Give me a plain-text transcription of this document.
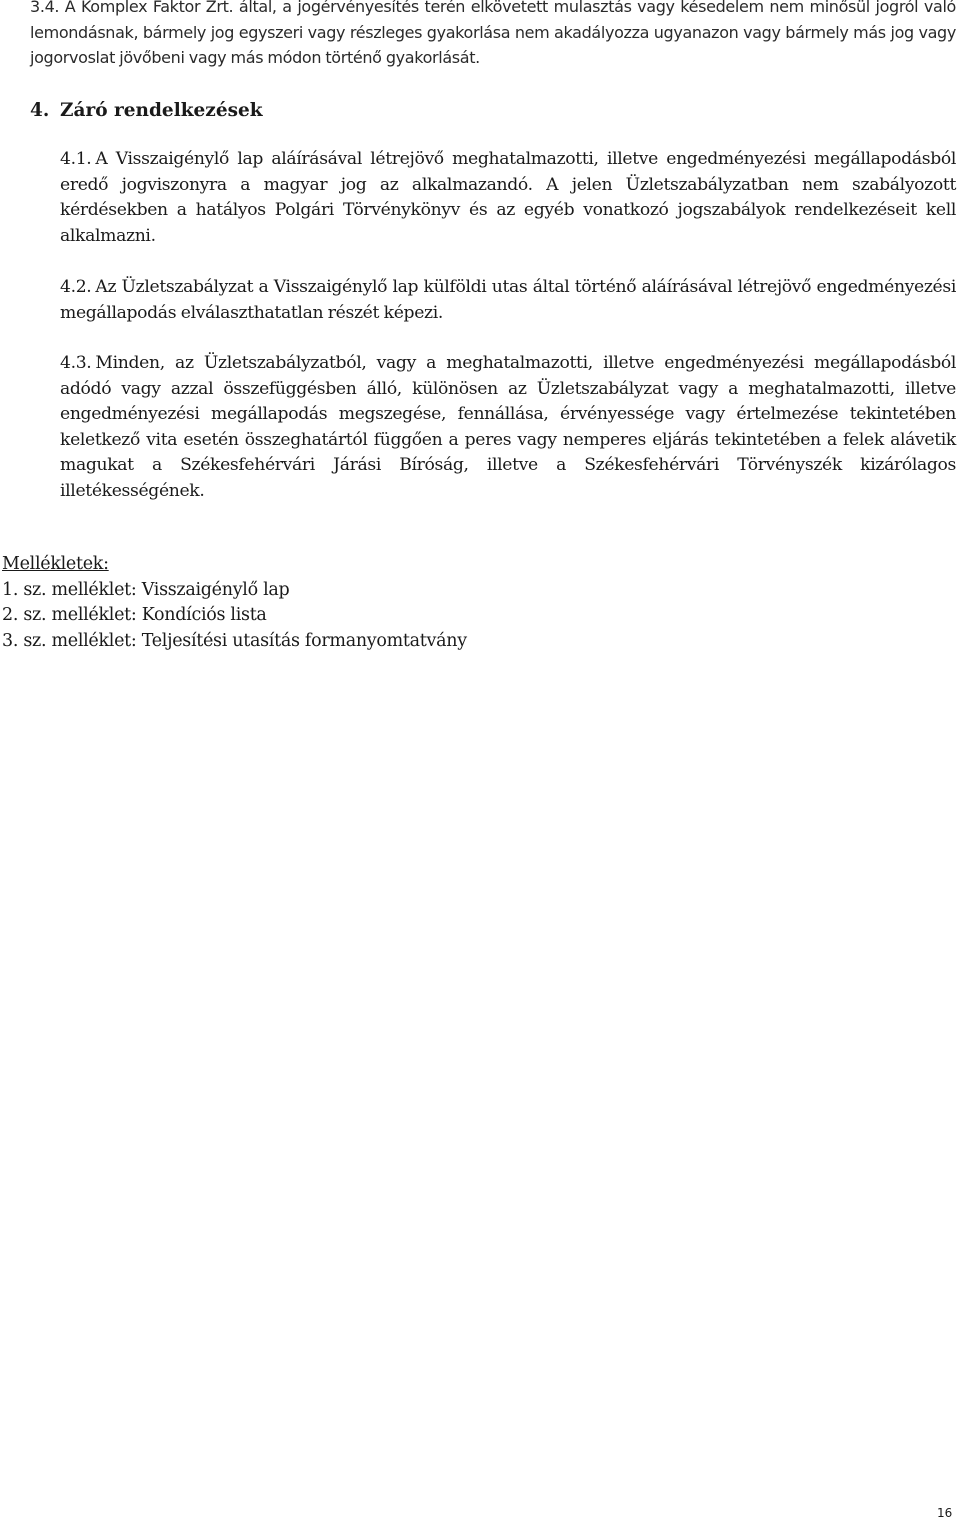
3.4. A Komplex Faktor Zrt. által, a jogérvényesítés terén elkövetett mulasztás vagy késedelem nem minősül jogról való lemondásnak, bármely jog egyszeri vagy részleges gyakorlása nem akadályozza ugyanazon vagy bármely más jog vagy jogorvoslat jövőbeni vagy más módon történő gyakorlását.

4. Záró rendelkezések

4.1. A Visszaigénylő lap aláírásával létrejövő meghatalmazotti, illetve engedményezési megállapodásból eredő jogviszonyra a magyar jog az alkalmazandó. A jelen Üzletszabályzatban nem szabályozott kérdésekben a hatályos Polgári Törvénykönyv és az egyéb vonatkozó jogszabályok rendelkezéseit kell alkalmazni.

4.2. Az Üzletszabályzat a Visszaigénylő lap külföldi utas által történő aláírásával létrejövő engedményezési megállapodás elválaszthatatlan részét képezi.

4.3. Minden, az Üzletszabályzatból, vagy a meghatalmazotti, illetve engedményezési megállapodásból adódó vagy azzal összefüggésben álló, különösen az Üzletszabályzat vagy a meghatalmazotti, illetve engedményezési megállapodás megszegése, fennállása, érvényessége vagy értelmezése tekintetében keletkező vita esetén összeghatártól függően a peres vagy nemperes eljárás tekintetében a felek alávetik magukat a Székesfehérvári Járási Bíróság, illetve a Székesfehérvári Törvényszék kizárólagos illetékességének.

Mellékletek:
1. sz. melléklet: Visszaigénylő lap
2. sz. melléklet: Kondíciós lista
3. sz. melléklet: Teljesítési utasítás formanyomtatvány
16
